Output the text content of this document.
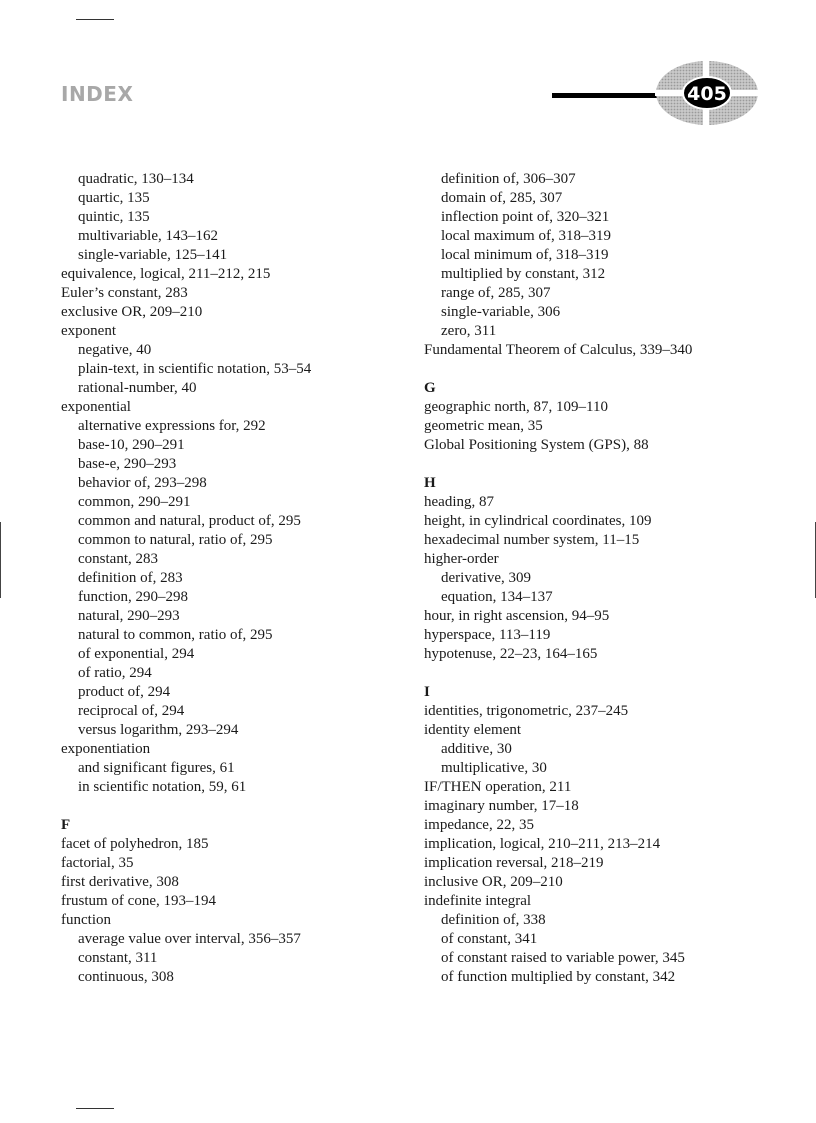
INDEX	405
quadratic, 130–134
quartic, 135
quintic, 135
multivariable, 143–162
single-variable, 125–141
equivalence, logical, 211–212, 215
Euler’s constant, 283
exclusive OR, 209–210
exponent
negative, 40
plain-text, in scientific notation, 53–54
rational-number, 40
exponential
alternative expressions for, 292
base-10, 290–291
base-e, 290–293
behavior of, 293–298
common, 290–291
common and natural, product of, 295
common to natural, ratio of, 295
constant, 283
definition of, 283
function, 290–298
natural, 290–293
natural to common, ratio of, 295
of exponential, 294
of ratio, 294
product of, 294
reciprocal of, 294
versus logarithm, 293–294
exponentiation
and significant figures, 61
in scientific notation, 59, 61
F
facet of polyhedron, 185
factorial, 35
first derivative, 308
frustum of cone, 193–194
function
average value over interval, 356–357
constant, 311
continuous, 308
definition of, 306–307
domain of, 285, 307
inflection point of, 320–321
local maximum of, 318–319
local minimum of, 318–319
multiplied by constant, 312
range of, 285, 307
single-variable, 306
zero, 311
Fundamental Theorem of Calculus, 339–340
G
geographic north, 87, 109–110
geometric mean, 35
Global Positioning System (GPS), 88
H
heading, 87
height, in cylindrical coordinates, 109
hexadecimal number system, 11–15
higher-order
derivative, 309
equation, 134–137
hour, in right ascension, 94–95
hyperspace, 113–119
hypotenuse, 22–23, 164–165
I
identities, trigonometric, 237–245
identity element
additive, 30
multiplicative, 30
IF/THEN operation, 211
imaginary number, 17–18
impedance, 22, 35
implication, logical, 210–211, 213–214
implication reversal, 218–219
inclusive OR, 209–210
indefinite integral
definition of, 338
of constant, 341
of constant raised to variable power, 345
of function multiplied by constant, 342
